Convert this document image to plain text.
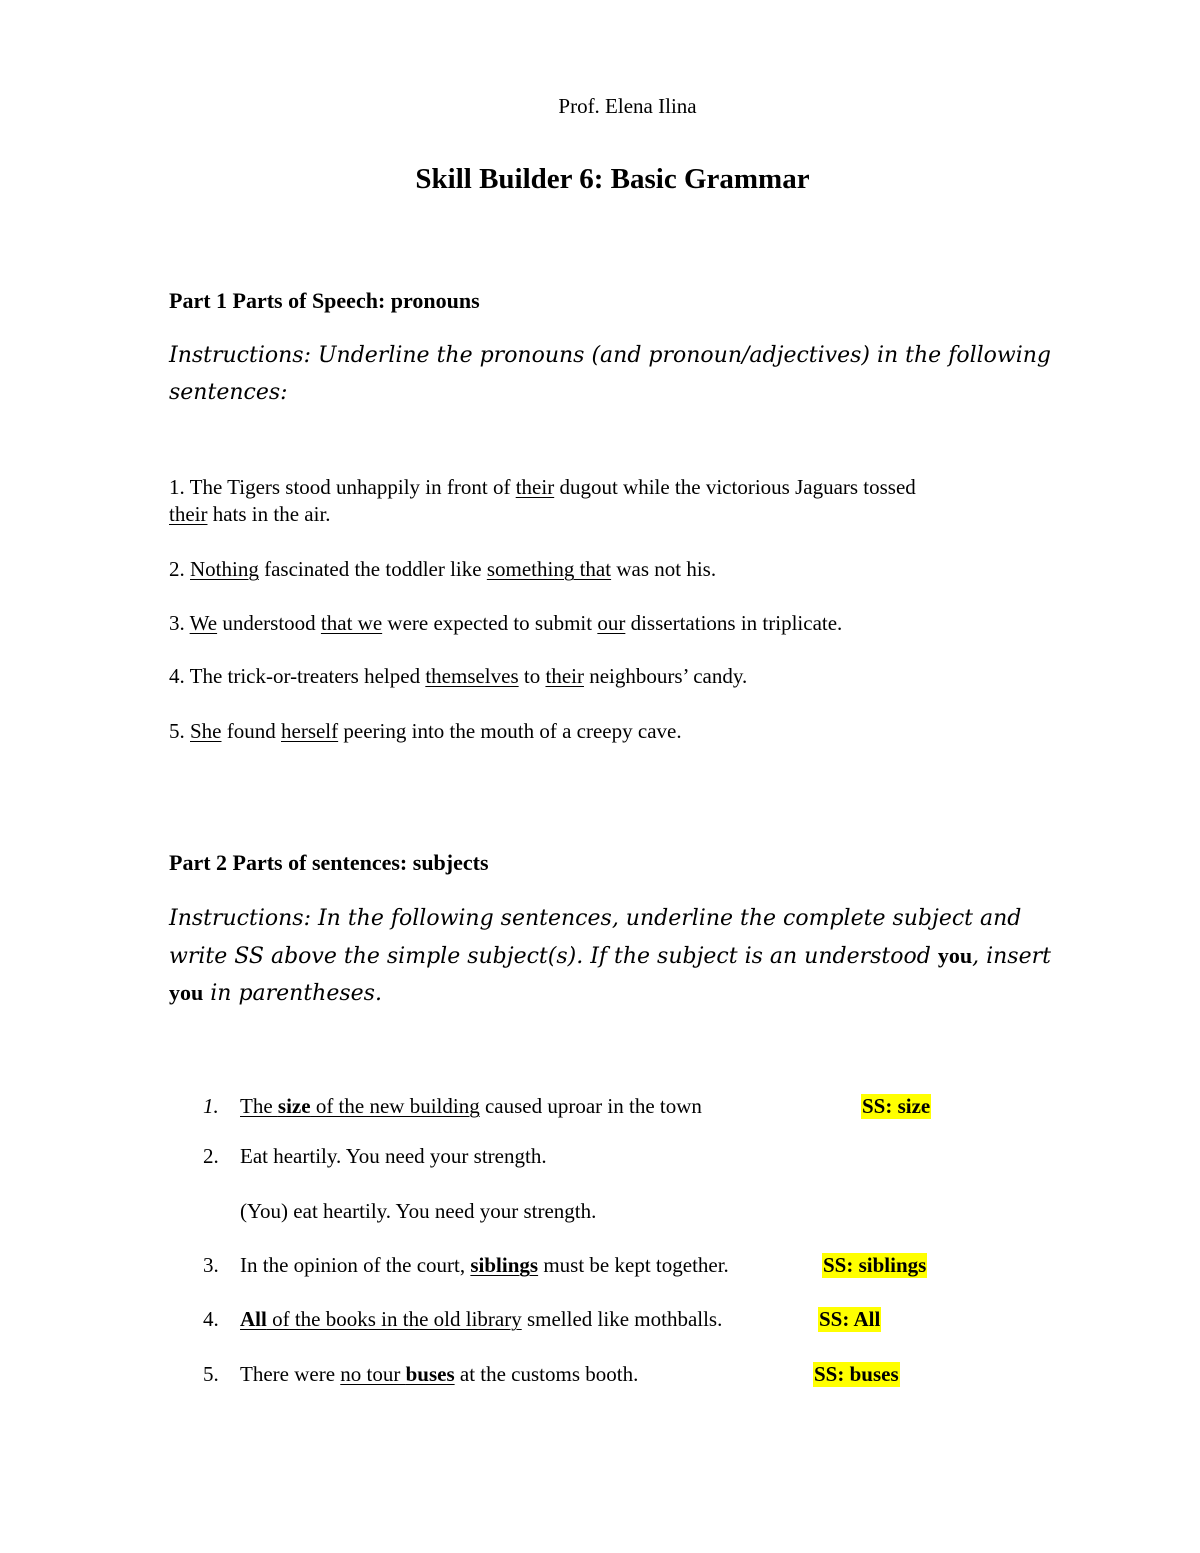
Prof. Elena Ilina
Skill Builder 6: Basic Grammar
Part 1 Parts of Speech: pronouns
Instructions: Underline the pronouns (and pronoun/adjectives) in the following
sentences:
1. The Tigers stood unhappily in front of their dugout while the victorious Jaguars tossed
their hats in the air.
2. Nothing fascinated the toddler like something that was not his.
3. We understood that we were expected to submit our dissertations in triplicate.
4. The trick-or-treaters helped themselves to their neighbours’ candy.
5. She found herself peering into the mouth of a creepy cave.
Part 2 Parts of sentences: subjects
Instructions: In the following sentences, underline the complete subject and
write SS above the simple subject(s). If the subject is an understood you, insert
you in parentheses.
1. The size of the new building caused uproar in the town	SS: size
2. Eat heartily. You need your strength.
(You) eat heartily. You need your strength.
3. In the opinion of the court, siblings must be kept together.	SS: siblings
4. All of the books in the old library smelled like mothballs.	SS: All
5. There were no tour buses at the customs booth.	SS: buses
